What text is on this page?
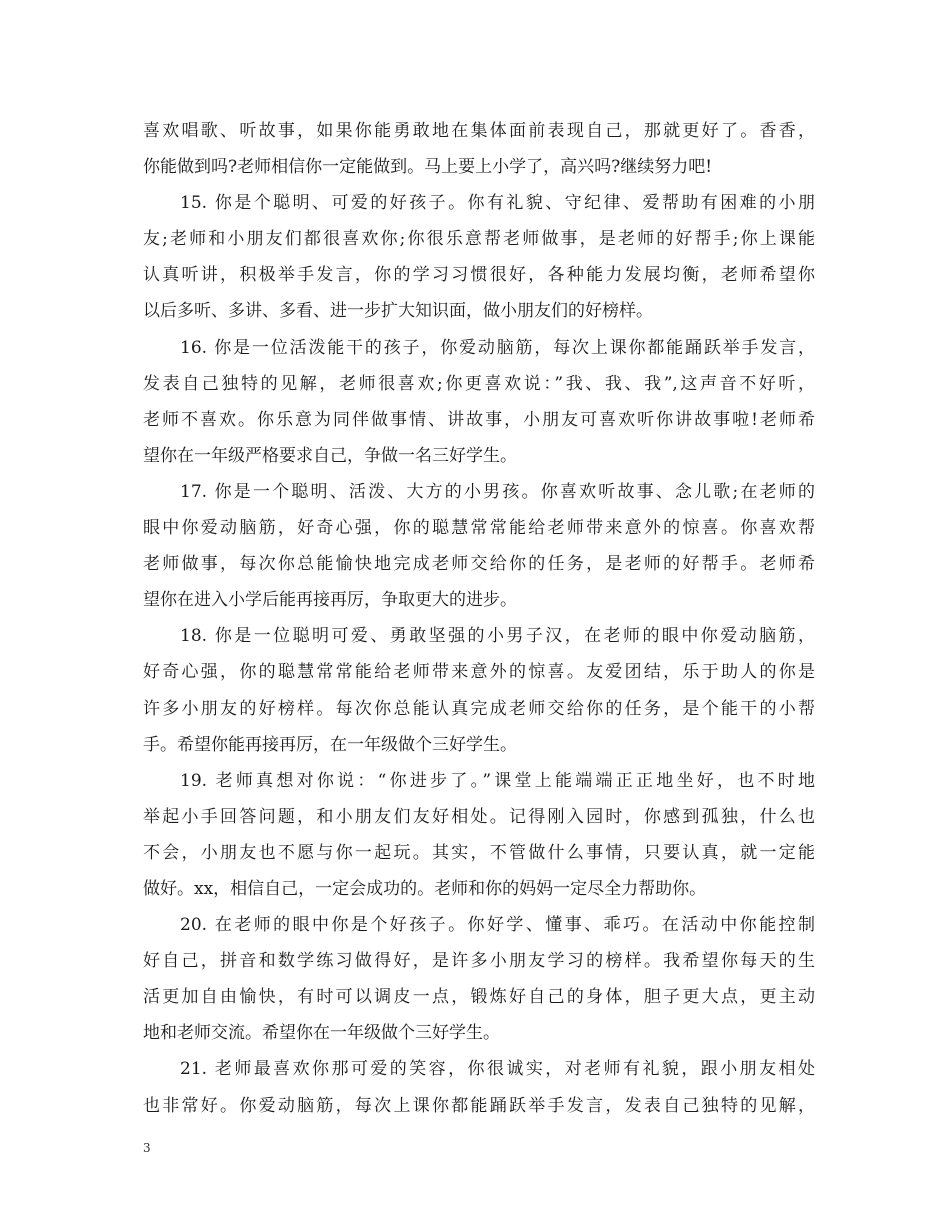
喜欢唱歌、听故事，如果你能勇敢地在集体面前表现自己，那就更好了。香香，
你能做到吗?老师相信你一定能做到。马上要上小学了，高兴吗?继续努力吧!
15. 你是个聪明、可爱的好孩子。你有礼貌、守纪律、爱帮助有困难的小朋
友;老师和小朋友们都很喜欢你;你很乐意帮老师做事，是老师的好帮手;你上课能
认真听讲，积极举手发言，你的学习习惯很好，各种能力发展均衡，老师希望你
以后多听、多讲、多看、进一步扩大知识面，做小朋友们的好榜样。
16. 你是一位活泼能干的孩子，你爱动脑筋，每次上课你都能踊跃举手发言，
发表自己独特的见解，老师很喜欢;你更喜欢说：”我、我、我”,这声音不好听，
老师不喜欢。你乐意为同伴做事情、讲故事，小朋友可喜欢听你讲故事啦!老师希
望你在一年级严格要求自己，争做一名三好学生。
17. 你是一个聪明、活泼、大方的小男孩。你喜欢听故事、念儿歌;在老师的
眼中你爱动脑筋，好奇心强，你的聪慧常常能给老师带来意外的惊喜。你喜欢帮
老师做事，每次你总能愉快地完成老师交给你的任务，是老师的好帮手。老师希
望你在进入小学后能再接再厉，争取更大的进步。
18. 你是一位聪明可爱、勇敢坚强的小男子汉，在老师的眼中你爱动脑筋，
好奇心强，你的聪慧常常能给老师带来意外的惊喜。友爱团结，乐于助人的你是
许多小朋友的好榜样。每次你总能认真完成老师交给你的任务，是个能干的小帮
手。希望你能再接再厉，在一年级做个三好学生。
19. 老师真想对你说：“你进步了。”课堂上能端端正正地坐好，也不时地
举起小手回答问题，和小朋友们友好相处。记得刚入园时，你感到孤独，什么也
不会，小朋友也不愿与你一起玩。其实，不管做什么事情，只要认真，就一定能
做好。xx，相信自己，一定会成功的。老师和你的妈妈一定尽全力帮助你。
20. 在老师的眼中你是个好孩子。你好学、懂事、乖巧。在活动中你能控制
好自己，拼音和数学练习做得好，是许多小朋友学习的榜样。我希望你每天的生
活更加自由愉快，有时可以调皮一点，锻炼好自己的身体，胆子更大点，更主动
地和老师交流。希望你在一年级做个三好学生。
21. 老师最喜欢你那可爱的笑容，你很诚实，对老师有礼貌，跟小朋友相处
也非常好。你爱动脑筋，每次上课你都能踊跃举手发言，发表自己独特的见解，
3
